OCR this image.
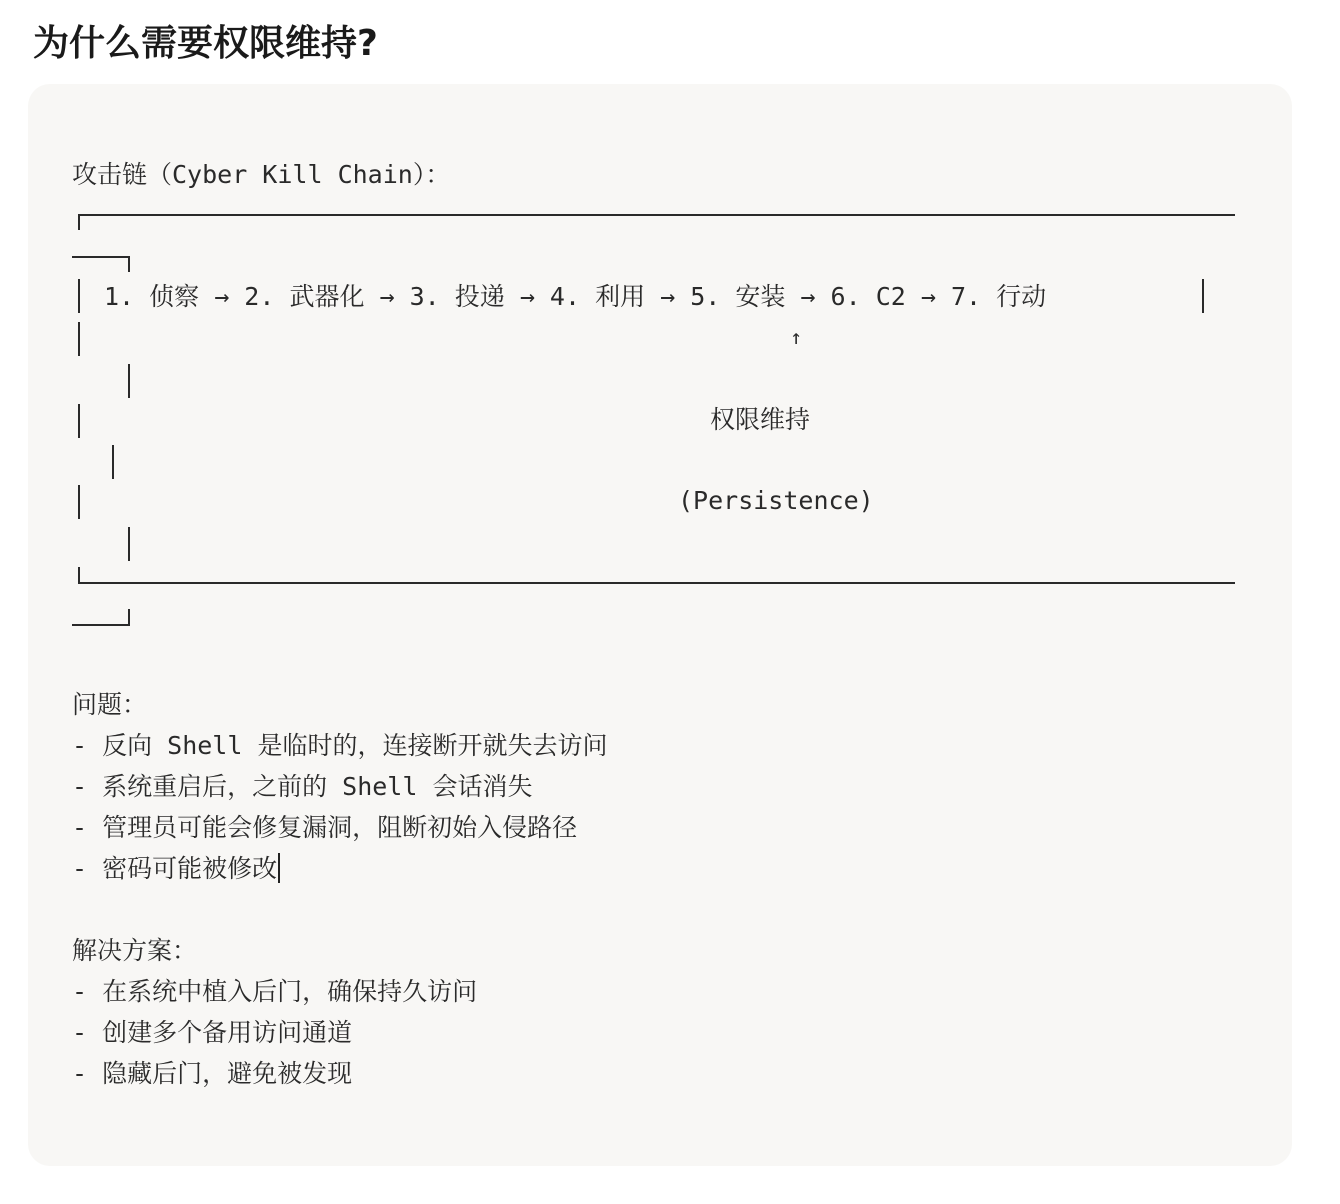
为什么需要权限维持?

攻击链（Cyber Kill Chain）：

1. 侦察 → 2. 武器化 → 3. 投递 → 4. 利用 → 5. 安装 → 6. C2 → 7. 行动

↑

权限维持

(Persistence)

问题：

- 反向 Shell 是临时的，连接断开就失去访问

- 系统重启后，之前的 Shell 会话消失

- 管理员可能会修复漏洞，阻断初始入侵路径

- 密码可能被修改

解决方案：

- 在系统中植入后门，确保持久访问

- 创建多个备用访问通道

- 隐藏后门，避免被发现
